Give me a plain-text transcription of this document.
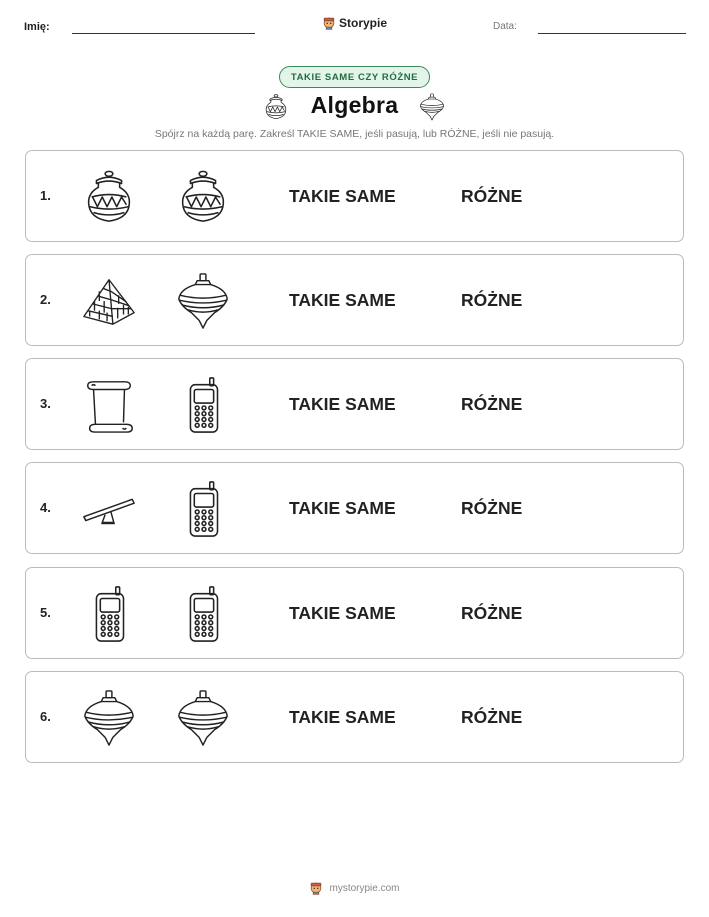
Imię:	Storypie	Data:
TAKIE SAME CZY RÓŻNE
Algebra
Spójrz na każdą parę. Zakreśl TAKIE SAME, jeśli pasują, lub RÓŻNE, jeśli nie pasują.
1.	TAKIE SAME	RÓŻNE
2.	TAKIE SAME	RÓŻNE
3.	TAKIE SAME	RÓŻNE
4.	TAKIE SAME	RÓŻNE
5.	TAKIE SAME	RÓŻNE
6.	TAKIE SAME	RÓŻNE
mystorypie.com
